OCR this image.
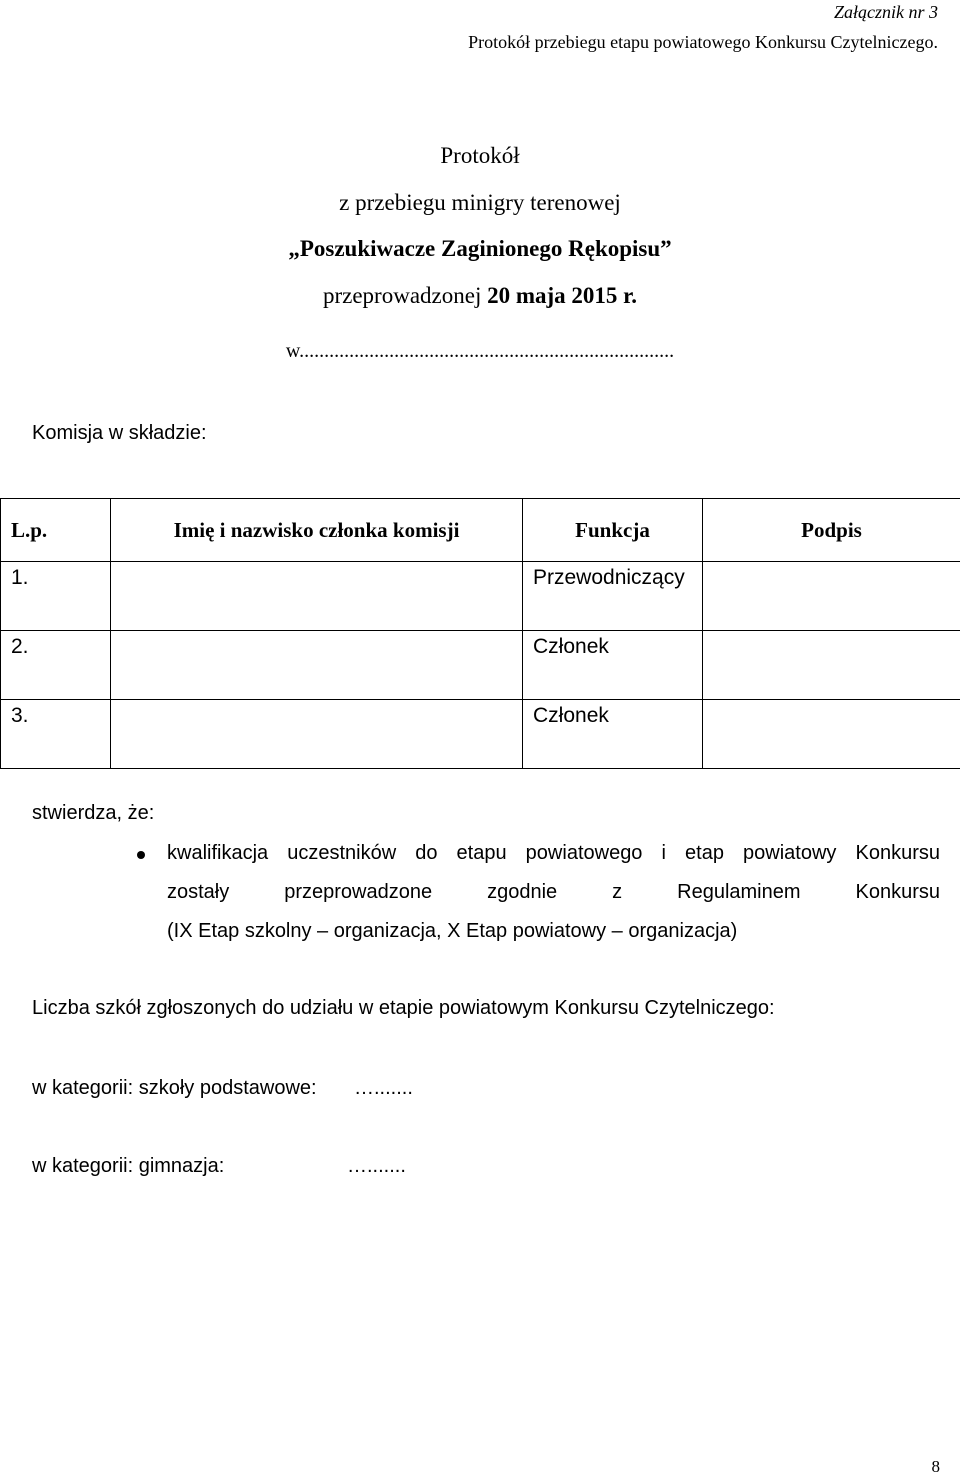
Załącznik nr 3
Protokół przebiegu etapu powiatowego Konkursu Czytelniczego.
Protokół
z przebiegu minigry terenowej
„Poszukiwacze Zaginionego Rękopisu”
przeprowadzonej 20 maja 2015 r.
w...........................................................................
Komisja w składzie:
L.p.	Imię i nazwisko członka komisji	Funkcja	Podpis
1.		Przewodniczący	
2.		Członek	
3.		Członek	
stwierdza, że:
kwalifikacja uczestników do etapu powiatowego i etap powiatowy Konkursu
zostały przeprowadzone zgodnie z Regulaminem Konkursu
(IX Etap szkolny – organizacja, X Etap powiatowy – organizacja)
Liczba szkół zgłoszonych do udziału w etapie powiatowym Konkursu Czytelniczego:
w kategorii: szkoły podstawowe: ….......
w kategorii: gimnazja:	….......
8
